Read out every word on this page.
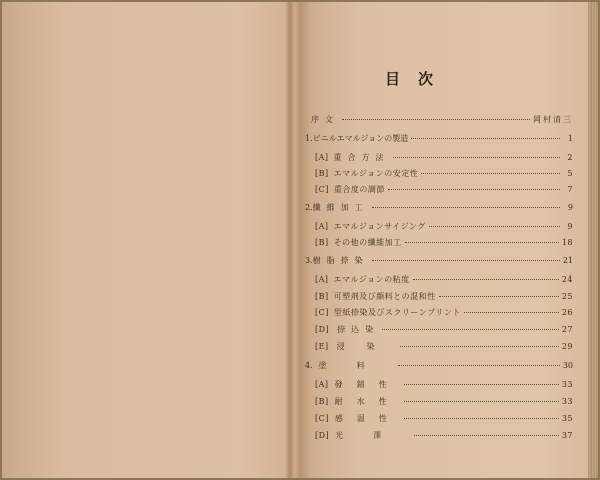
目次
序文	岡村清三
1. ビニルエマルジョンの製造	1
[A] 重合方法	2
[B] エマルジョンの安定性	5
[C] 重合度の調節	7
2. 纖維加工	9
[A] エマルジョンサイジング	9
[B] その他の纖維加工	18
3. 樹脂捺染	21
[A] エマルジョンの粘度	24
[B] 可塑剤及び顔料との混和性	25
[C] 型紙捺染及びスクリーンプリント	26
[D] 捺込染	27
[E] 浸染	29
4. 塗料	30
[A] 發錆性	33
[B] 耐水性	33
[C] 感温性	35
[D] 光澤	37
